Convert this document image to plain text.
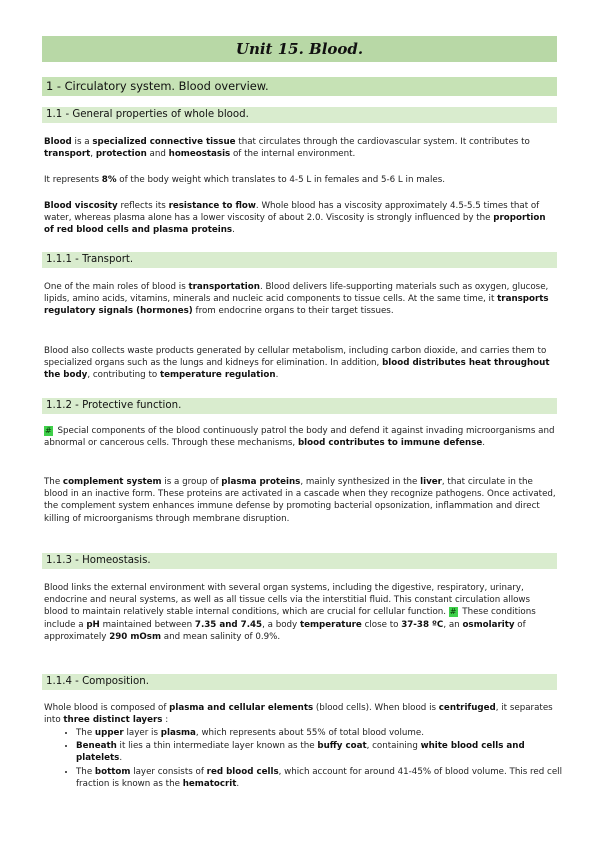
Unit 15. Blood.
1 - Circulatory system. Blood overview.
1.1 - General properties of whole blood.

Blood is a specialized connective tissue that circulates through the cardiovascular system. It contributes to transport, protection and homeostasis of the internal environment.

It represents 8% of the body weight which translates to 4-5 L in females and 5-6 L in males.

Blood viscosity reflects its resistance to flow. Whole blood has a viscosity approximately 4.5-5.5 times that of water, whereas plasma alone has a lower viscosity of about 2.0. Viscosity is strongly influenced by the proportion of red blood cells and plasma proteins.

1.1.1 - Transport.

One of the main roles of blood is transportation. Blood delivers life-supporting materials such as oxygen, glucose, lipids, amino acids, vitamins, minerals and nucleic acid components to tissue cells. At the same time, it transports regulatory signals (hormones) from endocrine organs to their target tissues.

Blood also collects waste products generated by cellular metabolism, including carbon dioxide, and carries them to specialized organs such as the lungs and kidneys for elimination. In addition, blood distributes heat throughout the body, contributing to temperature regulation.

1.1.2 - Protective function.

# Special components of the blood continuously patrol the body and defend it against invading microorganisms and abnormal or cancerous cells. Through these mechanisms, blood contributes to immune defense.

The complement system is a group of plasma proteins, mainly synthesized in the liver, that circulate in the blood in an inactive form. These proteins are activated in a cascade when they recognize pathogens. Once activated, the complement system enhances immune defense by promoting bacterial opsonization, inflammation and direct killing of microorganisms through membrane disruption.

1.1.3 - Homeostasis.

Blood links the external environment with several organ systems, including the digestive, respiratory, urinary, endocrine and neural systems, as well as all tissue cells via the interstitial fluid. This constant circulation allows blood to maintain relatively stable internal conditions, which are crucial for cellular function. # These conditions include a pH maintained between 7.35 and 7.45, a body temperature close to 37-38 ºC, an osmolarity of approximately 290 mOsm and mean salinity of 0.9%.

1.1.4 - Composition.

Whole blood is composed of plasma and cellular elements (blood cells). When blood is centrifuged, it separates into three distinct layers :

• The upper layer is plasma, which represents about 55% of total blood volume.
• Beneath it lies a thin intermediate layer known as the buffy coat, containing white blood cells and platelets.
• The bottom layer consists of red blood cells, which account for around 41-45% of blood volume. This red cell fraction is known as the hematocrit.
